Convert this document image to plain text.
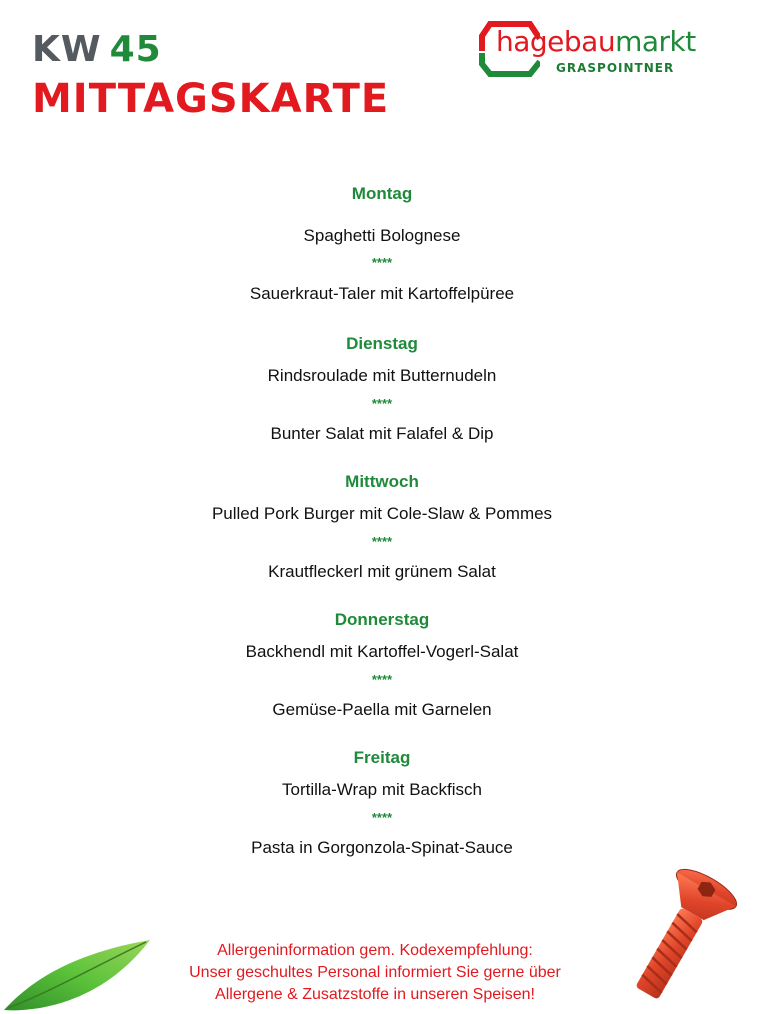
KW 45
MITTAGSKARTE
hagebaumarkt
GRASPOINTNER

Montag

Spaghetti Bolognese

****

Sauerkraut-Taler mit Kartoffelpüree

Dienstag

Rindsroulade mit Butternudeln

****

Bunter Salat mit Falafel & Dip

Mittwoch

Pulled Pork Burger mit Cole-Slaw & Pommes

****

Krautfleckerl mit grünem Salat

Donnerstag

Backhendl mit Kartoffel-Vogerl-Salat

****

Gemüse-Paella mit Garnelen

Freitag

Tortilla-Wrap mit Backfisch

****

Pasta in Gorgonzola-Spinat-Sauce

Allergeninformation gem. Kodexempfehlung:
Unser geschultes Personal informiert Sie gerne über
Allergene & Zusatzstoffe in unseren Speisen!
